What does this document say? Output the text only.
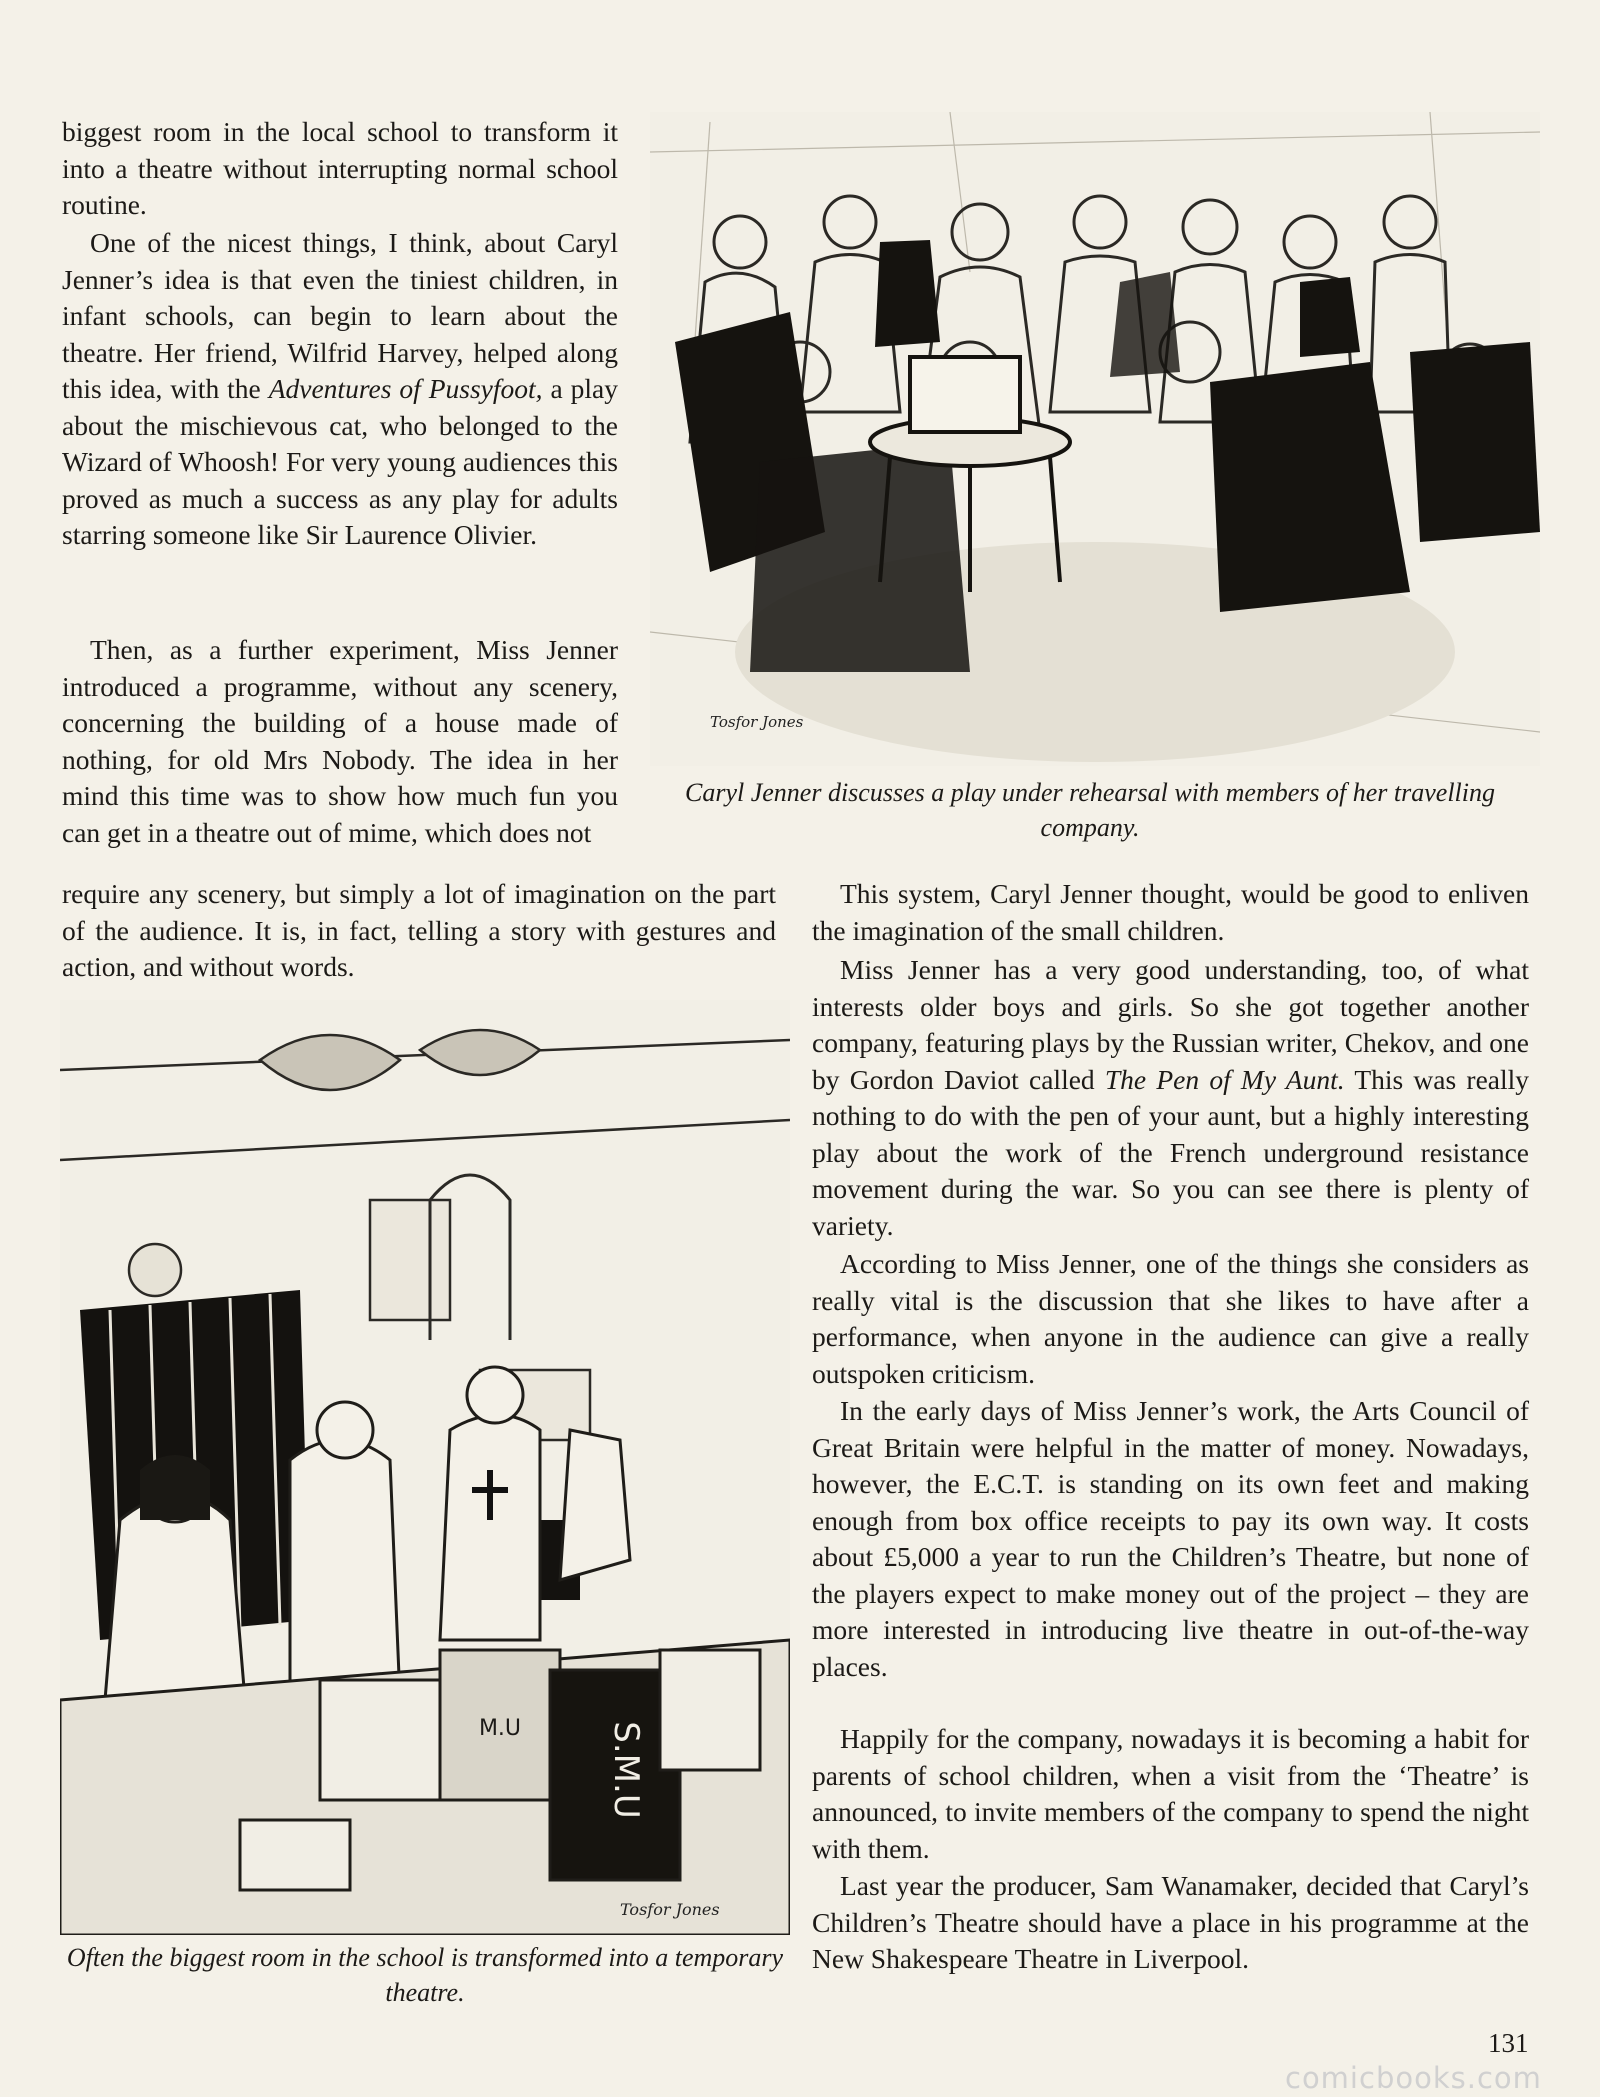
biggest room in the local school to transform it into a theatre without interrupting normal school routine.

One of the nicest things, I think, about Caryl Jenner’s idea is that even the tiniest children, in infant schools, can begin to learn about the theatre. Her friend, Wilfrid Harvey, helped along this idea, with the Adventures of Pussyfoot, a play about the mischievous cat, who belonged to the Wizard of Whoosh! For very young audiences this proved as much a success as any play for adults starring someone like Sir Laurence Olivier.

Then, as a further experiment, Miss Jenner introduced a programme, without any scenery, concerning the building of a house made of nothing, for old Mrs Nobody. The idea in her mind this time was to show how much fun you can get in a theatre out of mime, which does not

require any scenery, but simply a lot of imagination on the part of the audience. It is, in fact, telling a story with gestures and action, and without words.

Tosfor Jones

Caryl Jenner discusses a play under rehearsal with members of her travelling company.

S.M.U
M.U
Tosfor Jones

Often the biggest room in the school is transformed into a temporary theatre.

This system, Caryl Jenner thought, would be good to enliven the imagination of the small children.

Miss Jenner has a very good understanding, too, of what interests older boys and girls. So she got together another company, featuring plays by the Russian writer, Chekov, and one by Gordon Daviot called The Pen of My Aunt. This was really nothing to do with the pen of your aunt, but a highly interesting play about the work of the French underground resistance movement during the war. So you can see there is plenty of variety.

According to Miss Jenner, one of the things she considers as really vital is the discussion that she likes to have after a performance, when anyone in the audience can give a really outspoken criticism.

In the early days of Miss Jenner’s work, the Arts Council of Great Britain were helpful in the matter of money. Nowadays, however, the E.C.T. is standing on its own feet and making enough from box office receipts to pay its own way. It costs about £5,000 a year to run the Children’s Theatre, but none of the players expect to make money out of the project – they are more interested in introducing live theatre in out-of-the-way places.

Happily for the company, nowadays it is becoming a habit for parents of school children, when a visit from the ‘Theatre’ is announced, to invite members of the company to spend the night with them.

Last year the producer, Sam Wanamaker, decided that Caryl’s Children’s Theatre should have a place in his programme at the New Shakespeare Theatre in Liverpool.

131
comicbooks.com
